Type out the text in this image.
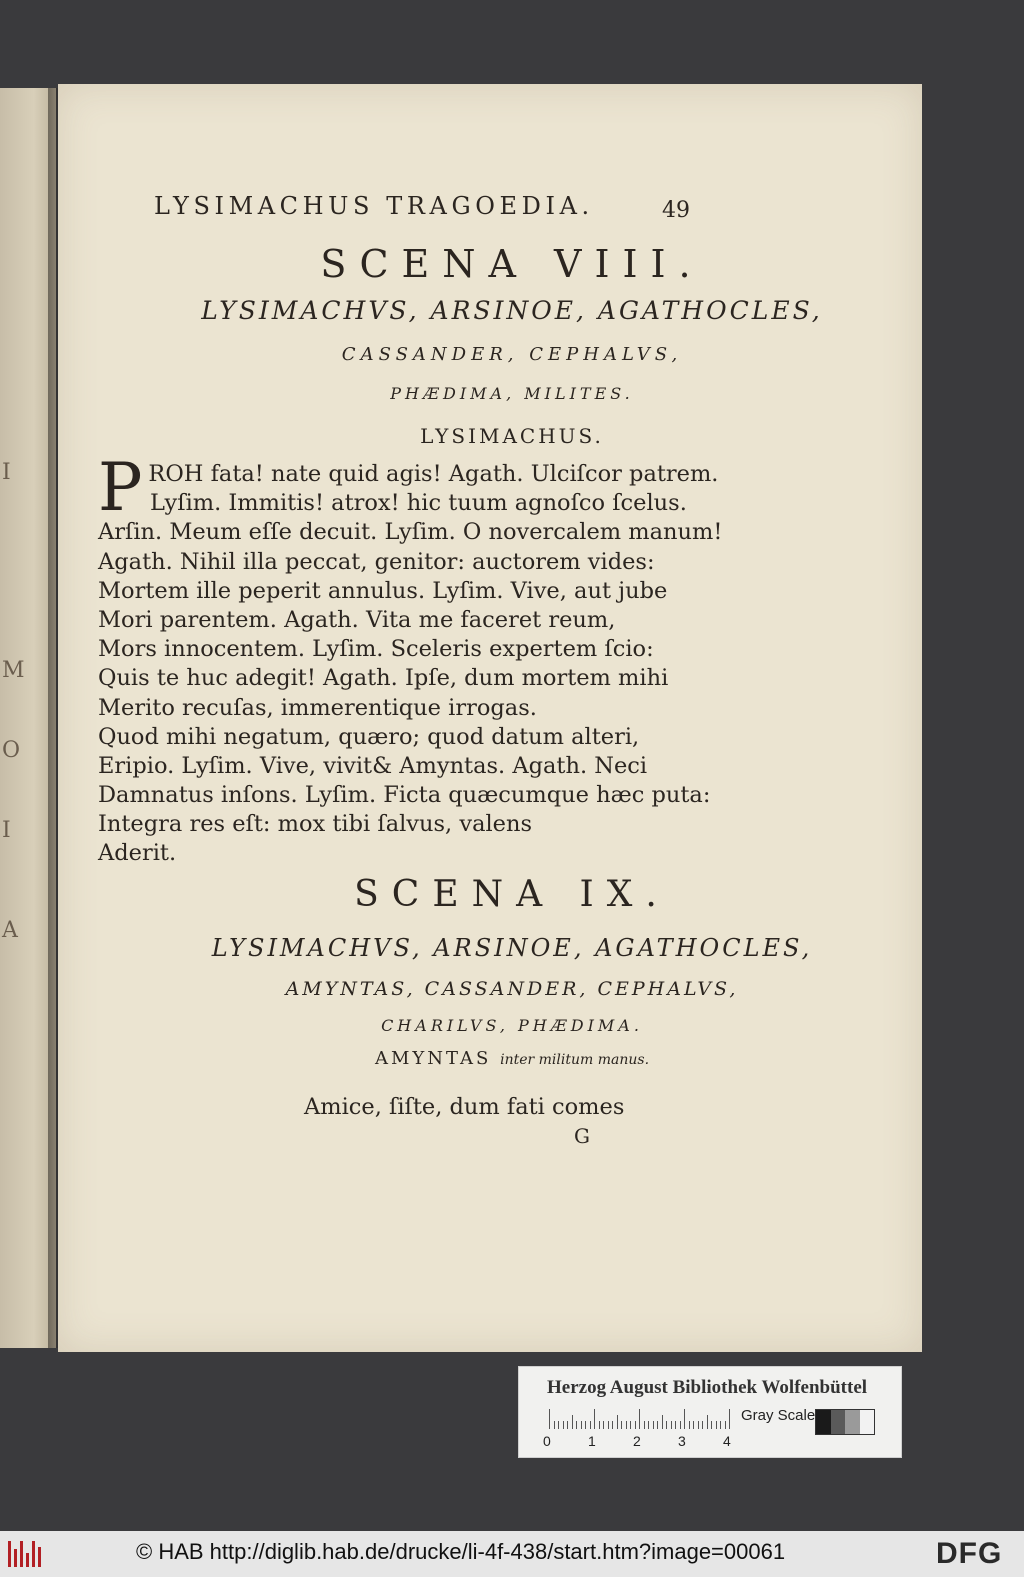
I
M
O
I
A
LYSIMACHUS TRAGOEDIA.	49
SCENA VIII.
LYSIMACHVS, ARSINOE, AGATHOCLES,
CASSANDER, CEPHALVS,
PHÆDIMA, MILITES.
LYSIMACHUS.
PROH fata! nate quid agis! Agath. Ulciſcor patrem.
Lyſim. Immitis! atrox! hic tuum agnoſco ſcelus.
Arſin. Meum eſſe decuit. Lyſim. O novercalem manum!
Agath. Nihil illa peccat, genitor: auctorem vides:
Mortem ille peperit annulus. Lyſim. Vive, aut jube
Mori parentem. Agath. Vita me faceret reum,
Mors innocentem. Lyſim. Sceleris expertem ſcio:
Quis te huc adegit! Agath. Ipſe, dum mortem mihi
Merito recuſas, immerentique irrogas.
Quod mihi negatum, quæro; quod datum alteri,
Eripio. Lyſim. Vive, vivit& Amyntas. Agath. Neci
Damnatus inſons. Lyſim. Ficta quæcumque hæc puta:
Integra res eſt: mox tibi ſalvus, valens
Aderit.
SCENA IX.
LYSIMACHVS, ARSINOE, AGATHOCLES,
AMYNTAS, CASSANDER, CEPHALVS,
CHARILVS, PHÆDIMA.
AMYNTAS inter militum manus.
Amice, ſiſte, dum fati comes
G
Herzog August Bibliothek Wolfenbüttel
0	1	2	3	4
Gray Scale
© HAB http://diglib.hab.de/drucke/li-4f-438/start.htm?image=00061	DFG
